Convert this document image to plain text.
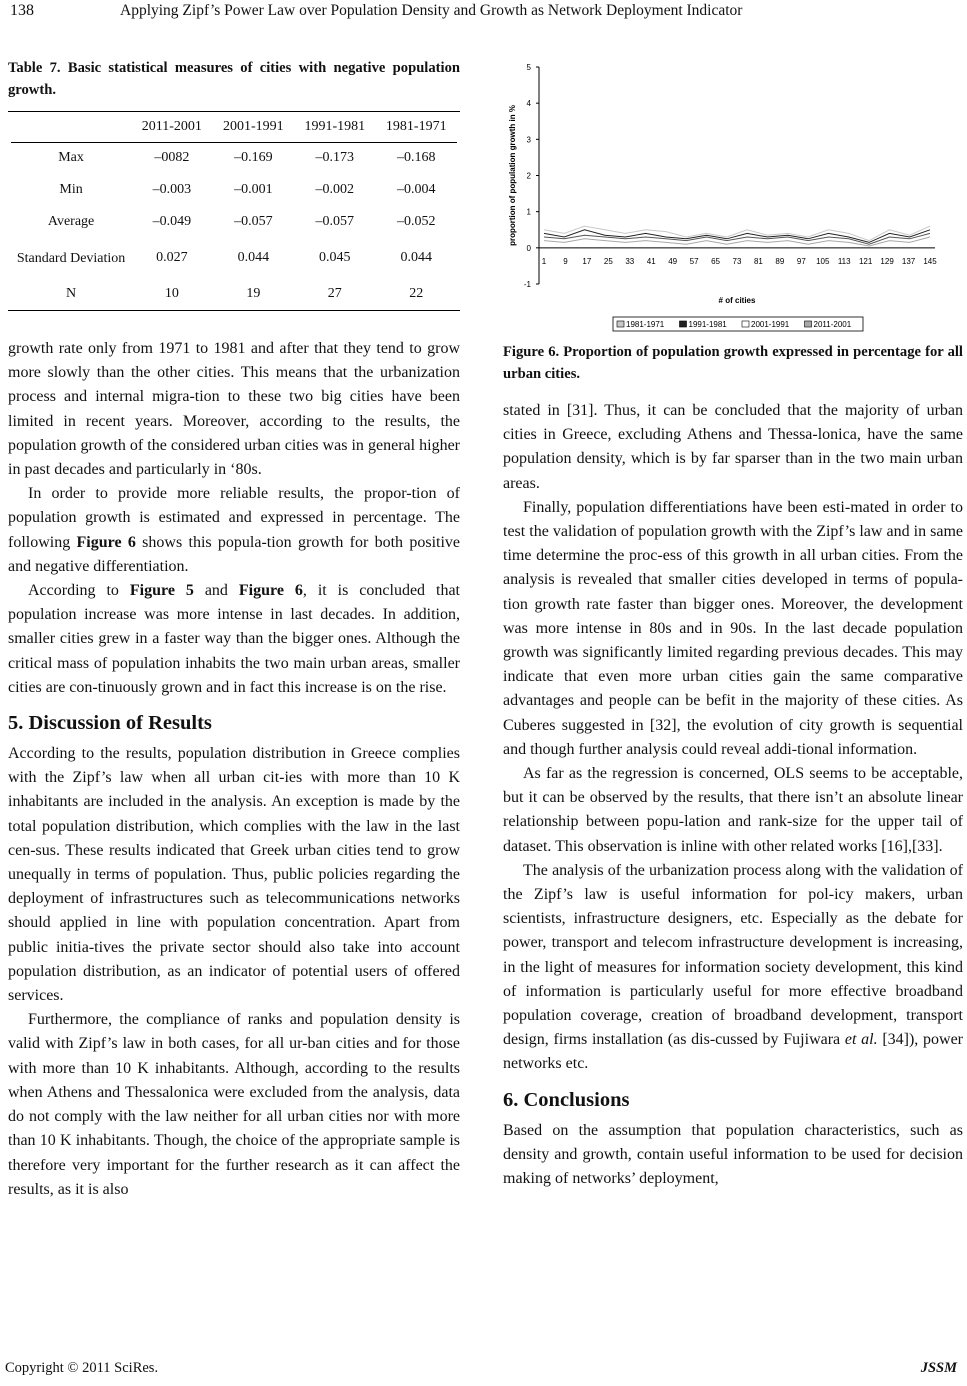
138	Applying Zipf’s Power Law over Population Density and Growth as Network Deployment Indicator

Table 7. Basic statistical measures of cities with negative population growth.

	2011-2001	2001-1991	1991-1981	1981-1971
Max	–0082	–0.169	–0.173	–0.168
Min	–0.003	–0.001	–0.002	–0.004
Average	–0.049	–0.057	–0.057	–0.052
Standard Deviation	0.027	0.044	0.045	0.044
N	10	19	27	22

growth rate only from 1971 to 1981 and after that they tend to grow more slowly than the other cities. This means that the urbanization process and internal migra-tion to these two big cities have been limited in recent years. Moreover, according to the results, the population growth of the considered urban cities was in general higher in past decades and particularly in ‘80s.

In order to provide more reliable results, the propor-tion of population growth is estimated and expressed in percentage. The following Figure 6 shows this popula-tion growth for both positive and negative differentiation.

According to Figure 5 and Figure 6, it is concluded that population increase was more intense in last decades. In addition, smaller cities grew in a faster way than the bigger ones. Although the critical mass of population inhabits the two main urban areas, smaller cities are con-tinuously grown and in fact this increase is on the rise.

5. Discussion of Results

According to the results, population distribution in Greece complies with the Zipf’s law when all urban cit-ies with more than 10 K inhabitants are included in the analysis. An exception is made by the total population distribution, which complies with the law in the last cen-sus. These results indicated that Greek urban cities tend to grow unequally in terms of population. Thus, public policies regarding the deployment of infrastructures such as telecommunications networks should applied in line with population concentration. Apart from public initia-tives the private sector should also take into account population distribution, as an indicator of potential users of offered services.

Furthermore, the compliance of ranks and population density is valid with Zipf’s law in both cases, for all ur-ban cities and for those with more than 10 K inhabitants. Although, according to the results when Athens and Thessalonica were excluded from the analysis, data do not comply with the law neither for all urban cities nor with more than 10 K inhabitants. Though, the choice of the appropriate sample is therefore very important for the further research as it can affect the results, as it is also

-1
0
1
2
3
4
5
1 9 17 25 33 41 49 57 65 73 81 89 97 105 113 121 129 137 145
proportion of population growth in %
# of cities
1981-1971	1991-1981	2001-1991	2011-2001

Figure 6. Proportion of population growth expressed in percentage for all urban cities.

stated in [31]. Thus, it can be concluded that the majority of urban cities in Greece, excluding Athens and Thessa-lonica, have the same population density, which is by far sparser than in the two main urban areas.

Finally, population differentiations have been esti-mated in order to test the validation of population growth with the Zipf’s law and in same time determine the proc-ess of this growth in all urban cities. From the analysis is revealed that smaller cities developed in terms of popula-tion growth rate faster than bigger ones. Moreover, the development was more intense in 80s and in 90s. In the last decade population growth was significantly limited regarding previous decades. This may indicate that even more urban cities gain the same comparative advantages and people can be befit in the majority of these cities. As Cuberes suggested in [32], the evolution of city growth is sequential and though further analysis could reveal addi-tional information.

As far as the regression is concerned, OLS seems to be acceptable, but it can be observed by the results, that there isn’t an absolute linear relationship between popu-lation and rank-size for the upper tail of dataset. This observation is inline with other related works [16],[33].

The analysis of the urbanization process along with the validation of the Zipf’s law is useful information for pol-icy makers, urban scientists, infrastructure designers, etc. Especially as the debate for power, transport and telecom infrastructure development is increasing, in the light of measures for information society development, this kind of information is particularly useful for more effective broadband population coverage, creation of broadband development, transport design, firms installation (as dis-cussed by Fujiwara et al. [34]), power networks etc.

6. Conclusions

Based on the assumption that population characteristics, such as density and growth, contain useful information to be used for decision making of networks’ deployment,

Copyright © 2011 SciRes.	JSSM
